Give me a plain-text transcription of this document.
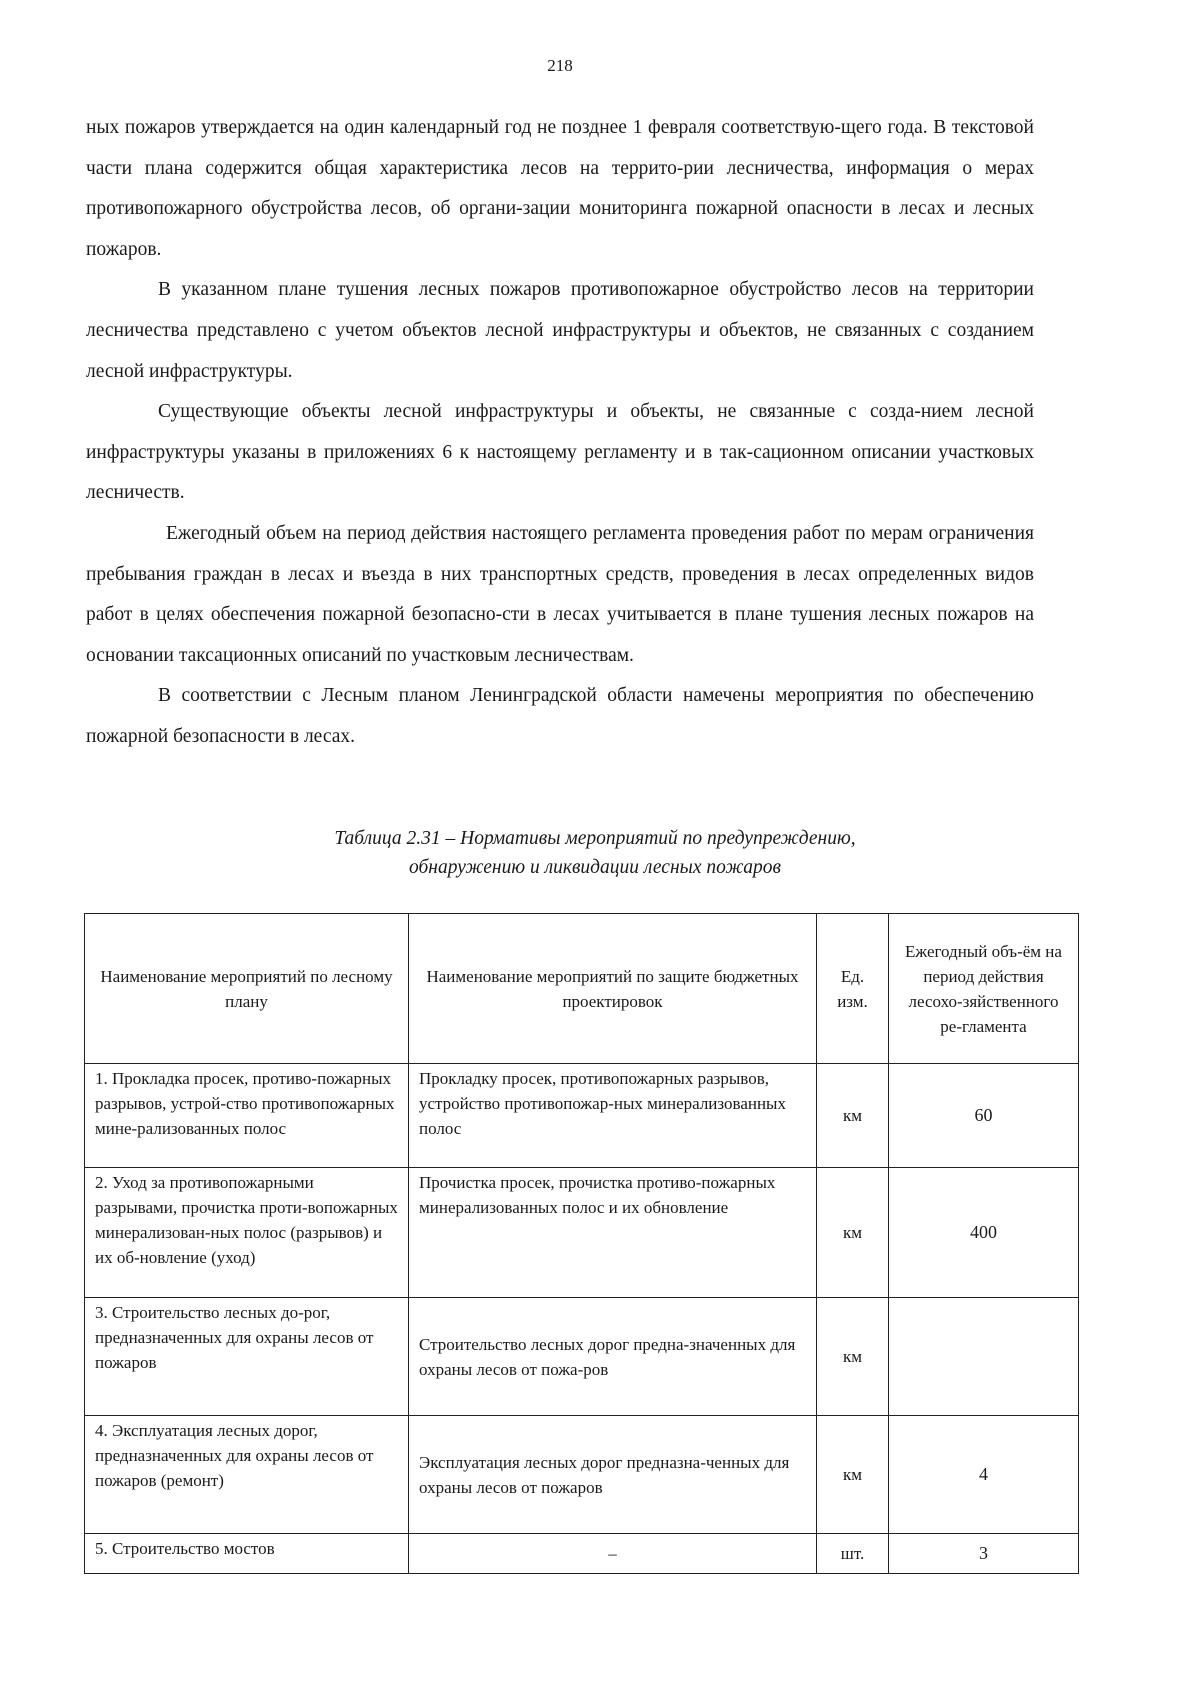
218

ных пожаров утверждается на один календарный год не позднее 1 февраля соответствую-щего года. В текстовой части плана содержится общая характеристика лесов на террито-рии лесничества, информация о мерах противопожарного обустройства лесов, об органи-зации мониторинга пожарной опасности в лесах и лесных пожаров.

В указанном плане тушения лесных пожаров противопожарное обустройство лесов на территории лесничества представлено с учетом объектов лесной инфраструктуры и объектов, не связанных с созданием лесной инфраструктуры.

Существующие объекты лесной инфраструктуры и объекты, не связанные с созда-нием лесной инфраструктуры указаны в приложениях 6 к настоящему регламенту и в так-сационном описании участковых лесничеств.

Ежегодный объем на период действия настоящего регламента проведения работ по мерам ограничения пребывания граждан в лесах и въезда в них транспортных средств, проведения в лесах определенных видов работ в целях обеспечения пожарной безопасно-сти в лесах учитывается в плане тушения лесных пожаров на основании таксационных описаний по участковым лесничествам.

В соответствии с Лесным планом Ленинградской области намечены мероприятия по обеспечению пожарной безопасности в лесах.

Таблица 2.31 – Нормативы мероприятий по предупреждению,
обнаружению и ликвидации лесных пожаров
Наименование мероприятий по лесному плану	Наименование мероприятий по защите бюджетных проектировок	Ед. изм.	Ежегодный объ-ём на период действия лесохо-зяйственного ре-гламента
1. Прокладка просек, противо-пожарных разрывов, устрой-ство противопожарных мине-рализованных полос	Прокладку просек, противопожарных разрывов, устройство противопожар-ных минерализованных полос	км	60
2. Уход за противопожарными разрывами, прочистка проти-вопожарных минерализован-ных полос (разрывов) и их об-новление (уход)	Прочистка просек, прочистка противо-пожарных минерализованных полос и их обновление	км	400
3. Строительство лесных до-рог, предназначенных для охраны лесов от пожаров	Строительство лесных дорог предна-значенных для охраны лесов от пожа-ров	км	
4. Эксплуатация лесных дорог, предназначенных для охраны лесов от пожаров (ремонт)	Эксплуатация лесных дорог предназна-ченных для охраны лесов от пожаров	км	4
5. Строительство мостов	–	шт.	3
